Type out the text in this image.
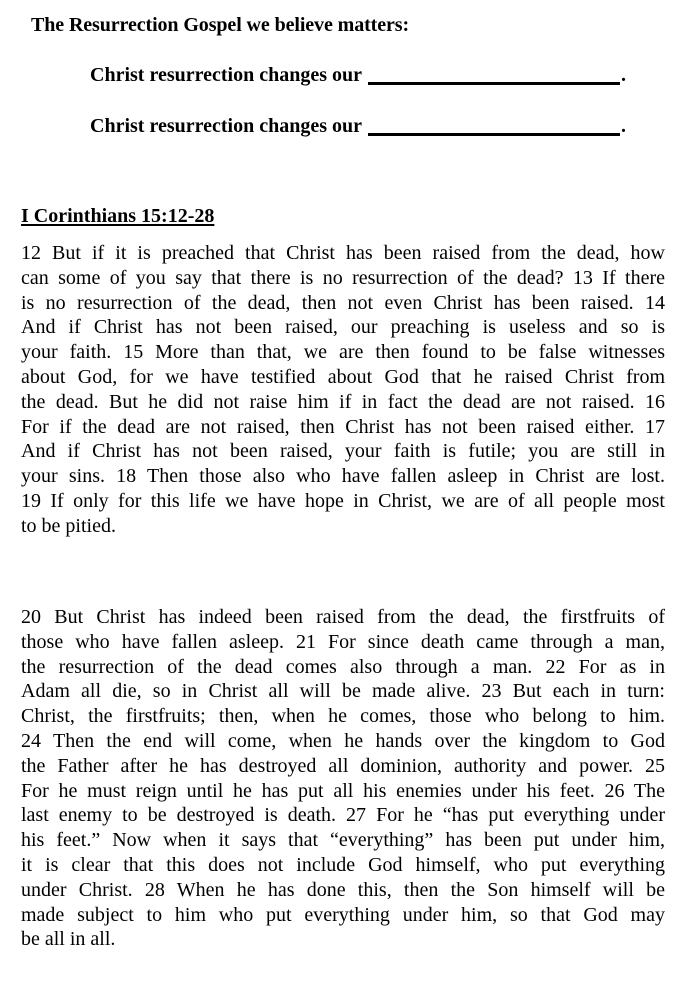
The Resurrection Gospel we believe matters:
Christ resurrection changes our	.
Christ resurrection changes our	.
I Corinthians 15:12-28
12 But if it is preached that Christ has been raised from the dead, how
can some of you say that there is no resurrection of the dead? 13 If there
is no resurrection of the dead, then not even Christ has been raised. 14
And if Christ has not been raised, our preaching is useless and so is
your faith. 15 More than that, we are then found to be false witnesses
about God, for we have testified about God that he raised Christ from
the dead. But he did not raise him if in fact the dead are not raised. 16
For if the dead are not raised, then Christ has not been raised either. 17
And if Christ has not been raised, your faith is futile; you are still in
your sins. 18 Then those also who have fallen asleep in Christ are lost.
19 If only for this life we have hope in Christ, we are of all people most
to be pitied.
20 But Christ has indeed been raised from the dead, the firstfruits of
those who have fallen asleep. 21 For since death came through a man,
the resurrection of the dead comes also through a man. 22 For as in
Adam all die, so in Christ all will be made alive. 23 But each in turn:
Christ, the firstfruits; then, when he comes, those who belong to him.
24 Then the end will come, when he hands over the kingdom to God
the Father after he has destroyed all dominion, authority and power. 25
For he must reign until he has put all his enemies under his feet. 26 The
last enemy to be destroyed is death. 27 For he “has put everything under
his feet.” Now when it says that “everything” has been put under him,
it is clear that this does not include God himself, who put everything
under Christ. 28 When he has done this, then the Son himself will be
made subject to him who put everything under him, so that God may
be all in all.
